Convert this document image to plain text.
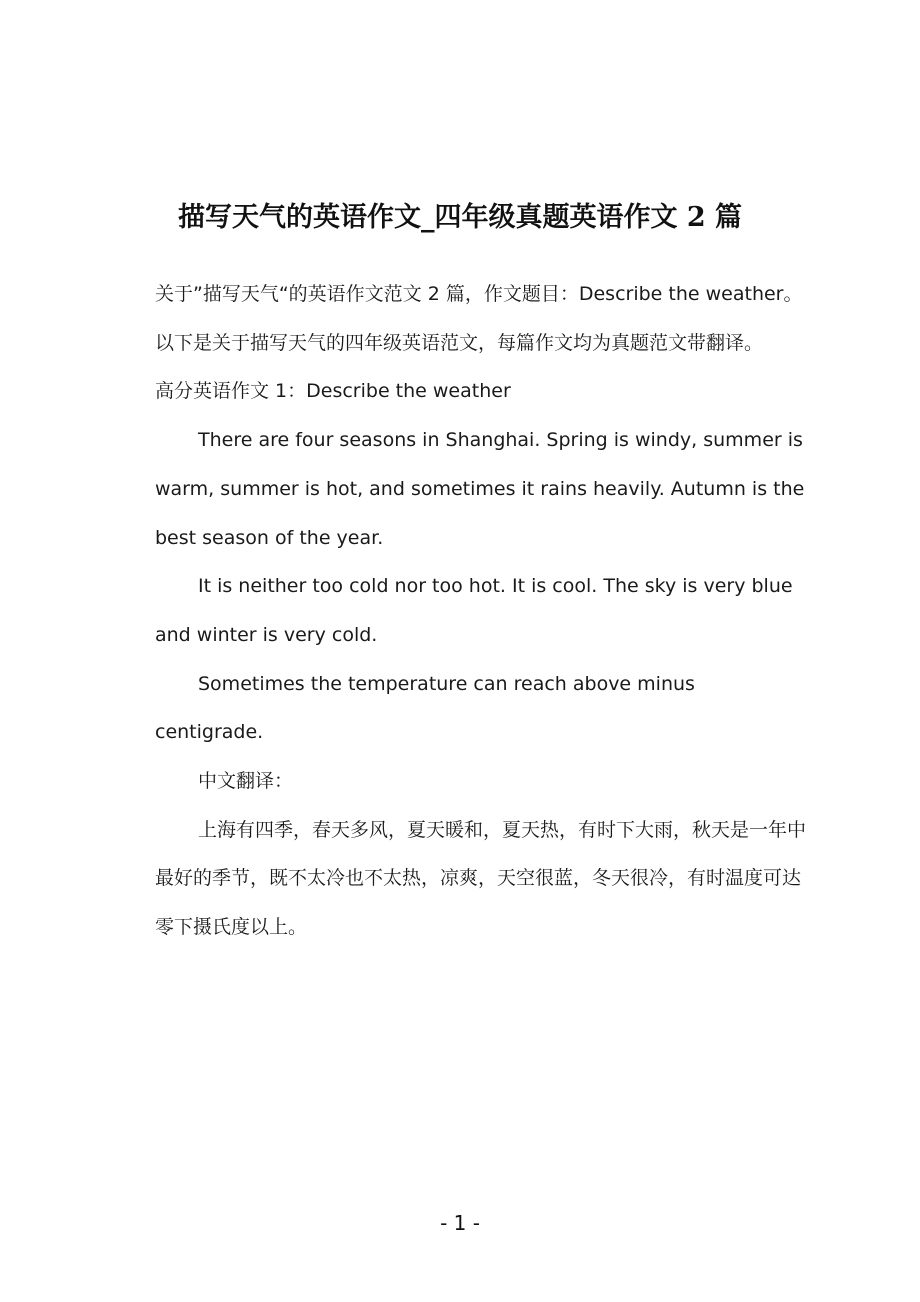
描写天气的英语作文_四年级真题英语作文 2 篇

关于”描写天气“的英语作文范文 2 篇，作文题目：Describe the weather。以下是关于描写天气的四年级英语范文，每篇作文均为真题范文带翻译。

高分英语作文 1：Describe the weather

There are four seasons in Shanghai. Spring is windy, summer is warm, summer is hot, and sometimes it rains heavily. Autumn is the best season of the year.

It is neither too cold nor too hot. It is cool. The sky is very blue and winter is very cold.

Sometimes the temperature can reach above minus centigrade.

中文翻译：

上海有四季，春天多风，夏天暖和，夏天热，有时下大雨，秋天是一年中最好的季节，既不太冷也不太热，凉爽，天空很蓝，冬天很冷，有时温度可达零下摄氏度以上。

- 1 -
